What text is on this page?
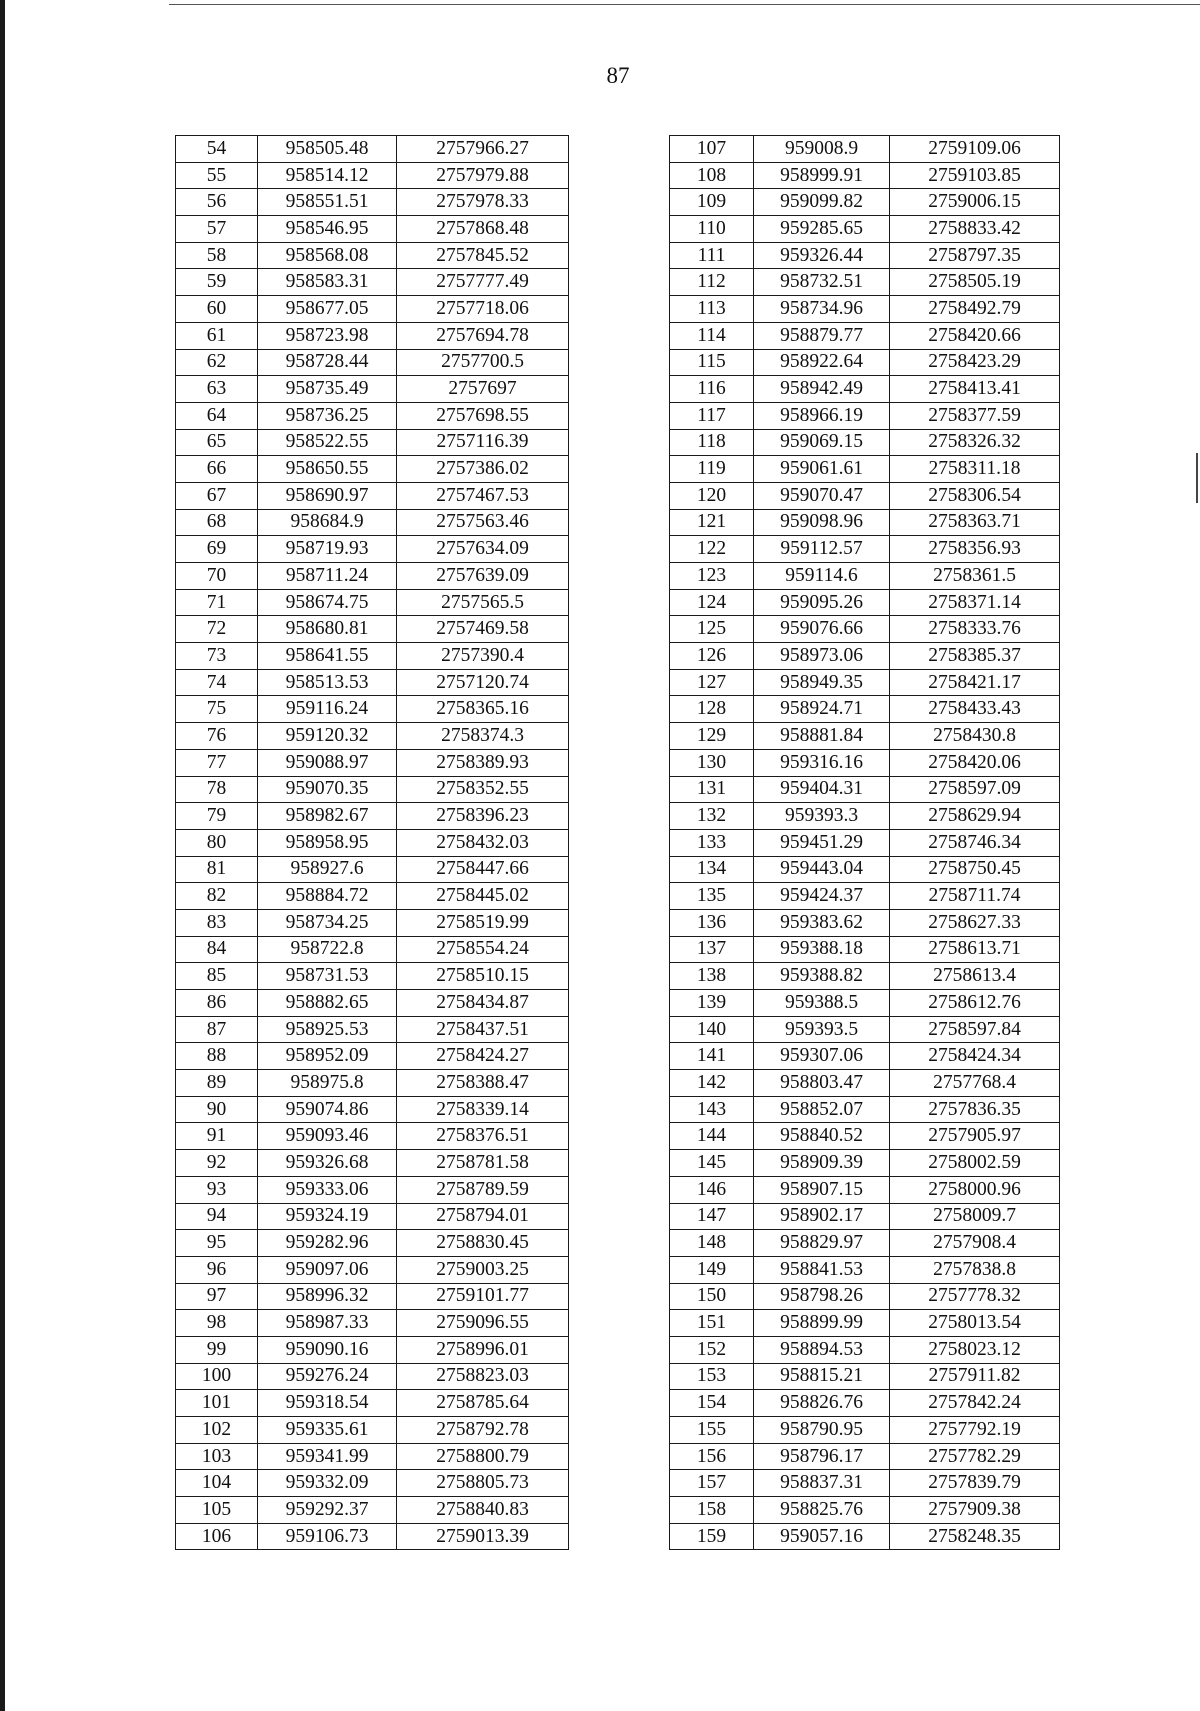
87
54	958505.48	2757966.27
55	958514.12	2757979.88
56	958551.51	2757978.33
57	958546.95	2757868.48
58	958568.08	2757845.52
59	958583.31	2757777.49
60	958677.05	2757718.06
61	958723.98	2757694.78
62	958728.44	2757700.5
63	958735.49	2757697
64	958736.25	2757698.55
65	958522.55	2757116.39
66	958650.55	2757386.02
67	958690.97	2757467.53
68	958684.9	2757563.46
69	958719.93	2757634.09
70	958711.24	2757639.09
71	958674.75	2757565.5
72	958680.81	2757469.58
73	958641.55	2757390.4
74	958513.53	2757120.74
75	959116.24	2758365.16
76	959120.32	2758374.3
77	959088.97	2758389.93
78	959070.35	2758352.55
79	958982.67	2758396.23
80	958958.95	2758432.03
81	958927.6	2758447.66
82	958884.72	2758445.02
83	958734.25	2758519.99
84	958722.8	2758554.24
85	958731.53	2758510.15
86	958882.65	2758434.87
87	958925.53	2758437.51
88	958952.09	2758424.27
89	958975.8	2758388.47
90	959074.86	2758339.14
91	959093.46	2758376.51
92	959326.68	2758781.58
93	959333.06	2758789.59
94	959324.19	2758794.01
95	959282.96	2758830.45
96	959097.06	2759003.25
97	958996.32	2759101.77
98	958987.33	2759096.55
99	959090.16	2758996.01
100	959276.24	2758823.03
101	959318.54	2758785.64
102	959335.61	2758792.78
103	959341.99	2758800.79
104	959332.09	2758805.73
105	959292.37	2758840.83
106	959106.73	2759013.39
107	959008.9	2759109.06
108	958999.91	2759103.85
109	959099.82	2759006.15
110	959285.65	2758833.42
111	959326.44	2758797.35
112	958732.51	2758505.19
113	958734.96	2758492.79
114	958879.77	2758420.66
115	958922.64	2758423.29
116	958942.49	2758413.41
117	958966.19	2758377.59
118	959069.15	2758326.32
119	959061.61	2758311.18
120	959070.47	2758306.54
121	959098.96	2758363.71
122	959112.57	2758356.93
123	959114.6	2758361.5
124	959095.26	2758371.14
125	959076.66	2758333.76
126	958973.06	2758385.37
127	958949.35	2758421.17
128	958924.71	2758433.43
129	958881.84	2758430.8
130	959316.16	2758420.06
131	959404.31	2758597.09
132	959393.3	2758629.94
133	959451.29	2758746.34
134	959443.04	2758750.45
135	959424.37	2758711.74
136	959383.62	2758627.33
137	959388.18	2758613.71
138	959388.82	2758613.4
139	959388.5	2758612.76
140	959393.5	2758597.84
141	959307.06	2758424.34
142	958803.47	2757768.4
143	958852.07	2757836.35
144	958840.52	2757905.97
145	958909.39	2758002.59
146	958907.15	2758000.96
147	958902.17	2758009.7
148	958829.97	2757908.4
149	958841.53	2757838.8
150	958798.26	2757778.32
151	958899.99	2758013.54
152	958894.53	2758023.12
153	958815.21	2757911.82
154	958826.76	2757842.24
155	958790.95	2757792.19
156	958796.17	2757782.29
157	958837.31	2757839.79
158	958825.76	2757909.38
159	959057.16	2758248.35
